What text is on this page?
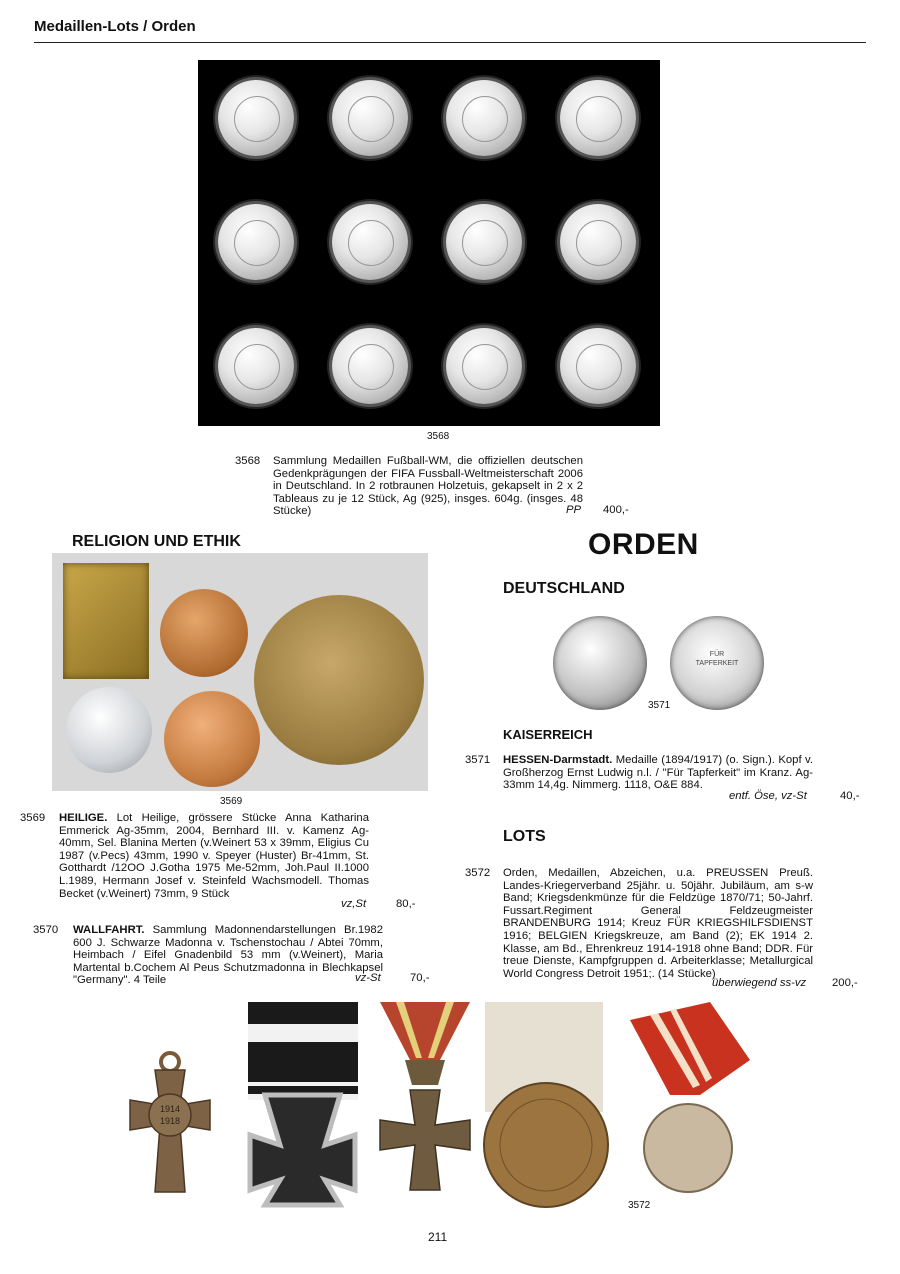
Medaillen-Lots / Orden
3568
3568 Sammlung Medaillen Fußball-WM, die offiziellen deutschen Gedenkprägungen der FIFA Fussball-Weltmeisterschaft 2006 in Deutschland. In 2 rotbraunen Holzetuis, gekapselt in 2 x 2 Tableaus zu je 12 Stück, Ag (925), insges. 604g. (insges. 48 Stücke)	PP 400,-
RELIGION UND ETHIK
3569
3569 HEILIGE. Lot Heilige, grössere Stücke Anna Katharina Emmerick Ag-35mm, 2004, Bernhard III. v. Kamenz Ag-40mm, Sel. Blanina Merten (v.Weinert 53 x 39mm, Eligius Cu 1987 (v.Pecs) 43mm, 1990 v. Speyer (Huster) Br-41mm, St. Gotthardt /12OO J.Gotha 1975 Me-52mm, Joh.Paul II.1000 L.1989, Hermann Josef v. Steinfeld Wachsmodell. Thomas Becket (v.Weinert) 73mm, 9 Stück
vz,St	80,-
3570 WALLFAHRT. Sammlung Madonnendarstellungen Br.1982 600 J. Schwarze Madonna v. Tschenstochau / Abtei 70mm, Heimbach / Eifel Gnadenbild 53 mm (v.Weinert), Maria Martental b.Cochem Al Peus Schutzmadonna in Blechkapsel "Germany". 4 Teile	vz-St	70,-
ORDEN
DEUTSCHLAND
FÜR
TAPFERKEIT
3571
KAISERREICH
3571 HESSEN-Darmstadt. Medaille (1894/1917) (o. Sign.). Kopf v. Großherzog Ernst Ludwig n.l. / "Für Tapferkeit" im Kranz. Ag-33mm 14,4g. Nimmerg. 1118, O&E 884.
entf. Öse, vz-St	40,-
LOTS
3572 Orden, Medaillen, Abzeichen, u.a. PREUSSEN Preuß. Landes-Kriegerverband 25jähr. u. 50jähr. Jubiläum, am s-w Band; Kriegsdenkmünze für die Feldzüge 1870/71; 50-Jahrf. Fussart.Regiment General Feldzeugmeister BRANDENBURG 1914; Kreuz FÜR KRIEGSHILFSDIENST 1916; BELGIEN Kriegskreuze, am Band (2); EK 1914 2. Klasse, am Bd., Ehrenkreuz 1914-1918 ohne Band; DDR. Für treue Dienste, Kampfgruppen d. Arbeiterklasse; Metallurgical World Congress Detroit 1951;. (14 Stücke)
überwiegend ss-vz 200,-
1914
1918
3572
211
